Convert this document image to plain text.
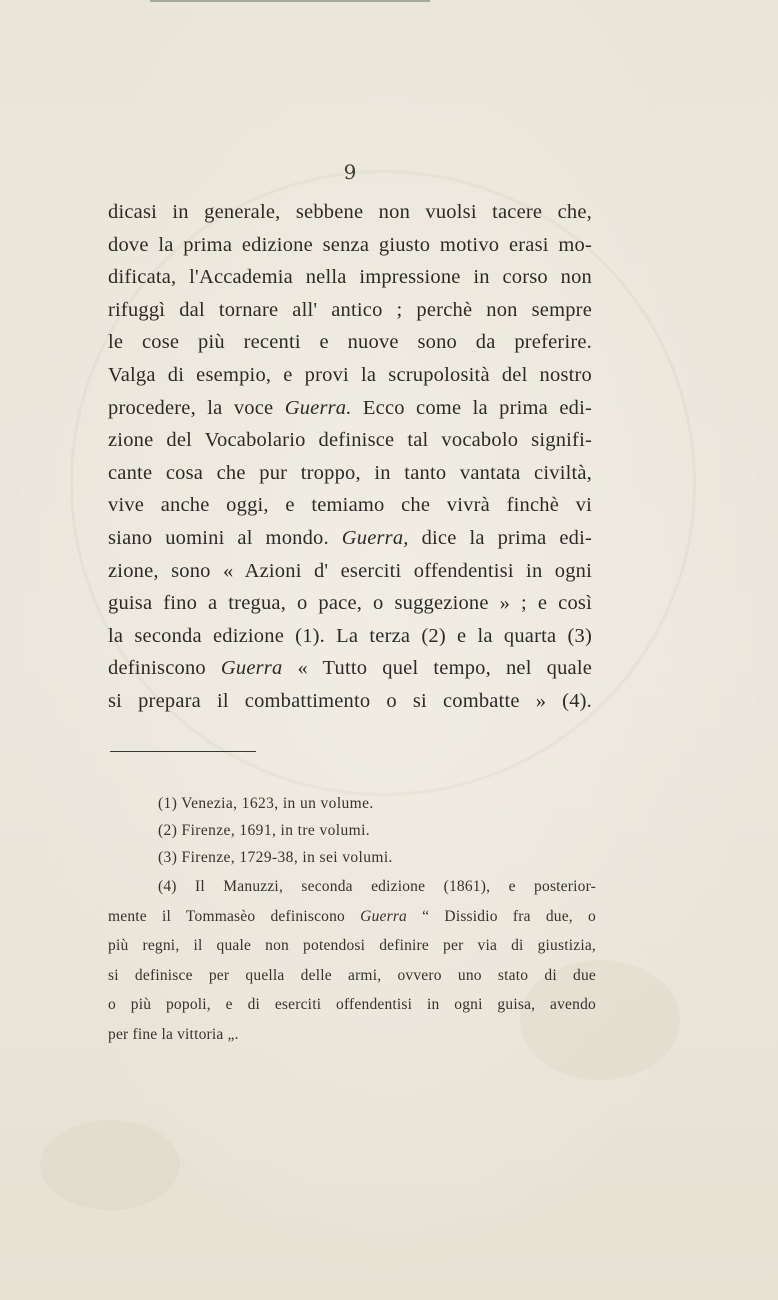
9
dicasi in generale, sebbene non vuolsi tacere che,
dove la prima edizione senza giusto motivo erasi mo-
dificata, l'Accademia nella impressione in corso non
rifuggì dal tornare all' antico ; perchè non sempre
le cose più recenti e nuove sono da preferire.
Valga di esempio, e provi la scrupolosità del nostro
procedere, la voce Guerra. Ecco come la prima edi-
zione del Vocabolario definisce tal vocabolo signifi-
cante cosa che pur troppo, in tanto vantata civiltà,
vive anche oggi, e temiamo che vivrà finchè vi
siano uomini al mondo. Guerra, dice la prima edi-
zione, sono « Azioni d' eserciti offendentisi in ogni
guisa fino a tregua, o pace, o suggezione » ; e così
la seconda edizione (1). La terza (2) e la quarta (3)
definiscono Guerra « Tutto quel tempo, nel quale
si prepara il combattimento o si combatte » (4).
(1) Venezia, 1623, in un volume.
(2) Firenze, 1691, in tre volumi.
(3) Firenze, 1729-38, in sei volumi.
(4) Il Manuzzi, seconda edizione (1861), e posterior-
mente il Tommasèo definiscono Guerra “ Dissidio fra due, o
più regni, il quale non potendosi definire per via di giustizia,
si definisce per quella delle armi, ovvero uno stato di due
o più popoli, e di eserciti offendentisi in ogni guisa, avendo
per fine la vittoria „.
